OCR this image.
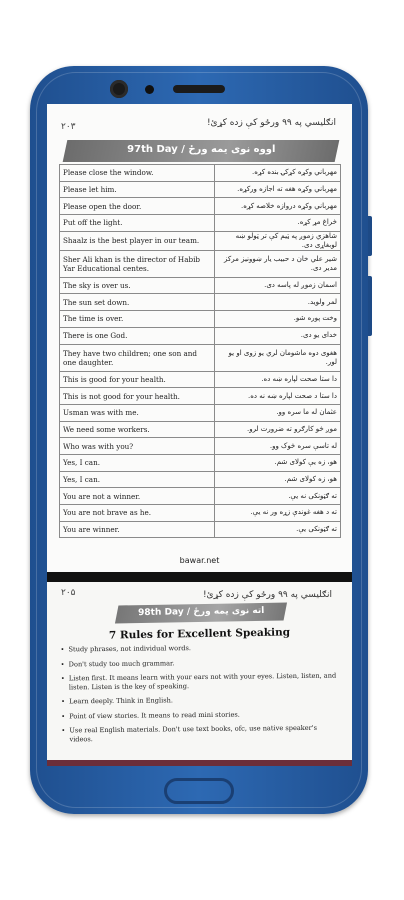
۲۰۳	انګلیسي په ۹۹ ورځو کې زده کړئ!
97th Day / اووه نوی یمه ورځ
Please close the window.	مهرباني وکړه کړکۍ بنده کړه.
Please let him.	مهرباني وکړه هغه ته اجازه ورکړه.
Please open the door.	مهرباني وکړه دروازه خلاصه کړه.
Put off the light.	څراغ مړ کړه.
Shaalz is the best player in our team.	شاهزي زموږ په ټیم کې تر ټولو ښه لوبغاړی دی.
Sher Ali khan is the director of Habib Yar Educational centes.	شیر علي خان د حبیب یار ښوونیز مرکز مدیر دی.
The sky is over us.	اسمان زموږ له پاسه دی.
The sun set down.	لمر ولوید.
The time is over.	وخت پوره شو.
There is one God.	خدای یو دی.
They have two children; one son and one daughter.	هغوی دوه ماشومان لري یو زوی او یو لور.
This is good for your health.	دا ستا صحت لپاره ښه ده.
This is not good for your health.	دا ستا د صحت لپاره ښه نه ده.
Usman was with me.	عثمان له ما سره وو.
We need some workers.	موږ څو کارګرو ته ضرورت لرو.
Who was with you?	له تاسې سره څوک وو.
Yes, I can.	هو، زه یې کولای شم.
Yes, I can.	هو، زه کولای شم.
You are not a winner.	ته ګټونکی نه یې.
You are not brave as he.	ته د هغه غوندې زړه ور نه یې.
You are winner.	ته ګټونکی یې.
bawar.net
۲۰۵	انګلیسي په ۹۹ ورځو کې زده کړئ!
98th Day / اته نوی یمه ورځ
7 Rules for Excellent Speaking
• Study phrases, not individual words.
• Don't study too much grammar.
• Listen first. It means learn with your ears not with your eyes. Listen, listen, and listen. Listen is the key of speaking.
• Learn deeply. Think in English.
• Point of view stories. It means to read mini stories.
• Use real English materials. Don't use text books, ofc, use native speaker's videos.
